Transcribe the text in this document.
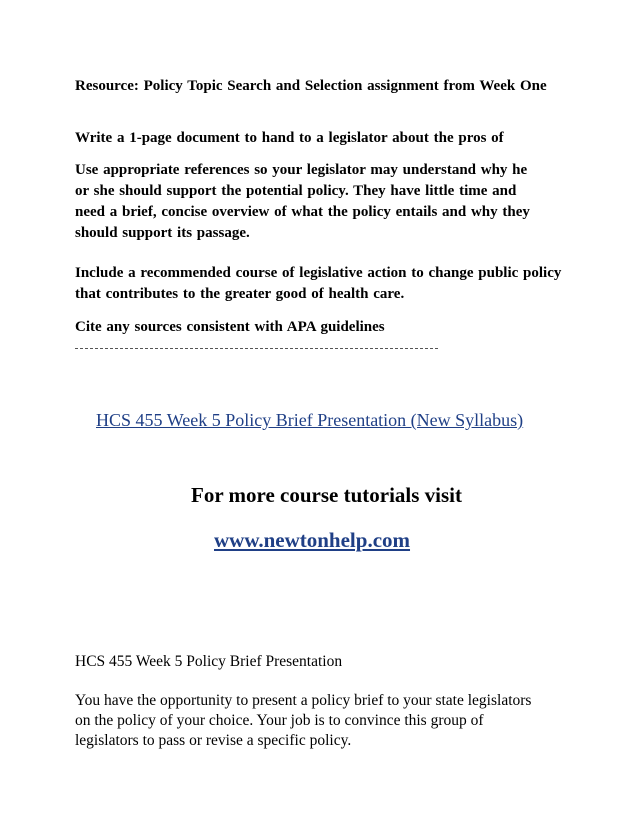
Resource: Policy Topic Search and Selection assignment from Week One

Write a 1-page document to hand to a legislator about the pros of

Use appropriate references so your legislator may understand why he or she should support the potential policy. They have little time and need a brief, concise overview of what the policy entails and why they should support its passage.

Include a recommended course of legislative action to change public policy that contributes to the greater good of health care.

Cite any sources consistent with APA guidelines

HCS 455 Week 5 Policy Brief Presentation (New Syllabus)
For more course tutorials visit
www.newtonhelp.com
HCS 455 Week 5 Policy Brief Presentation

You have the opportunity to present a policy brief to your state legislators on the policy of your choice. Your job is to convince this group of legislators to pass or revise a specific policy.
